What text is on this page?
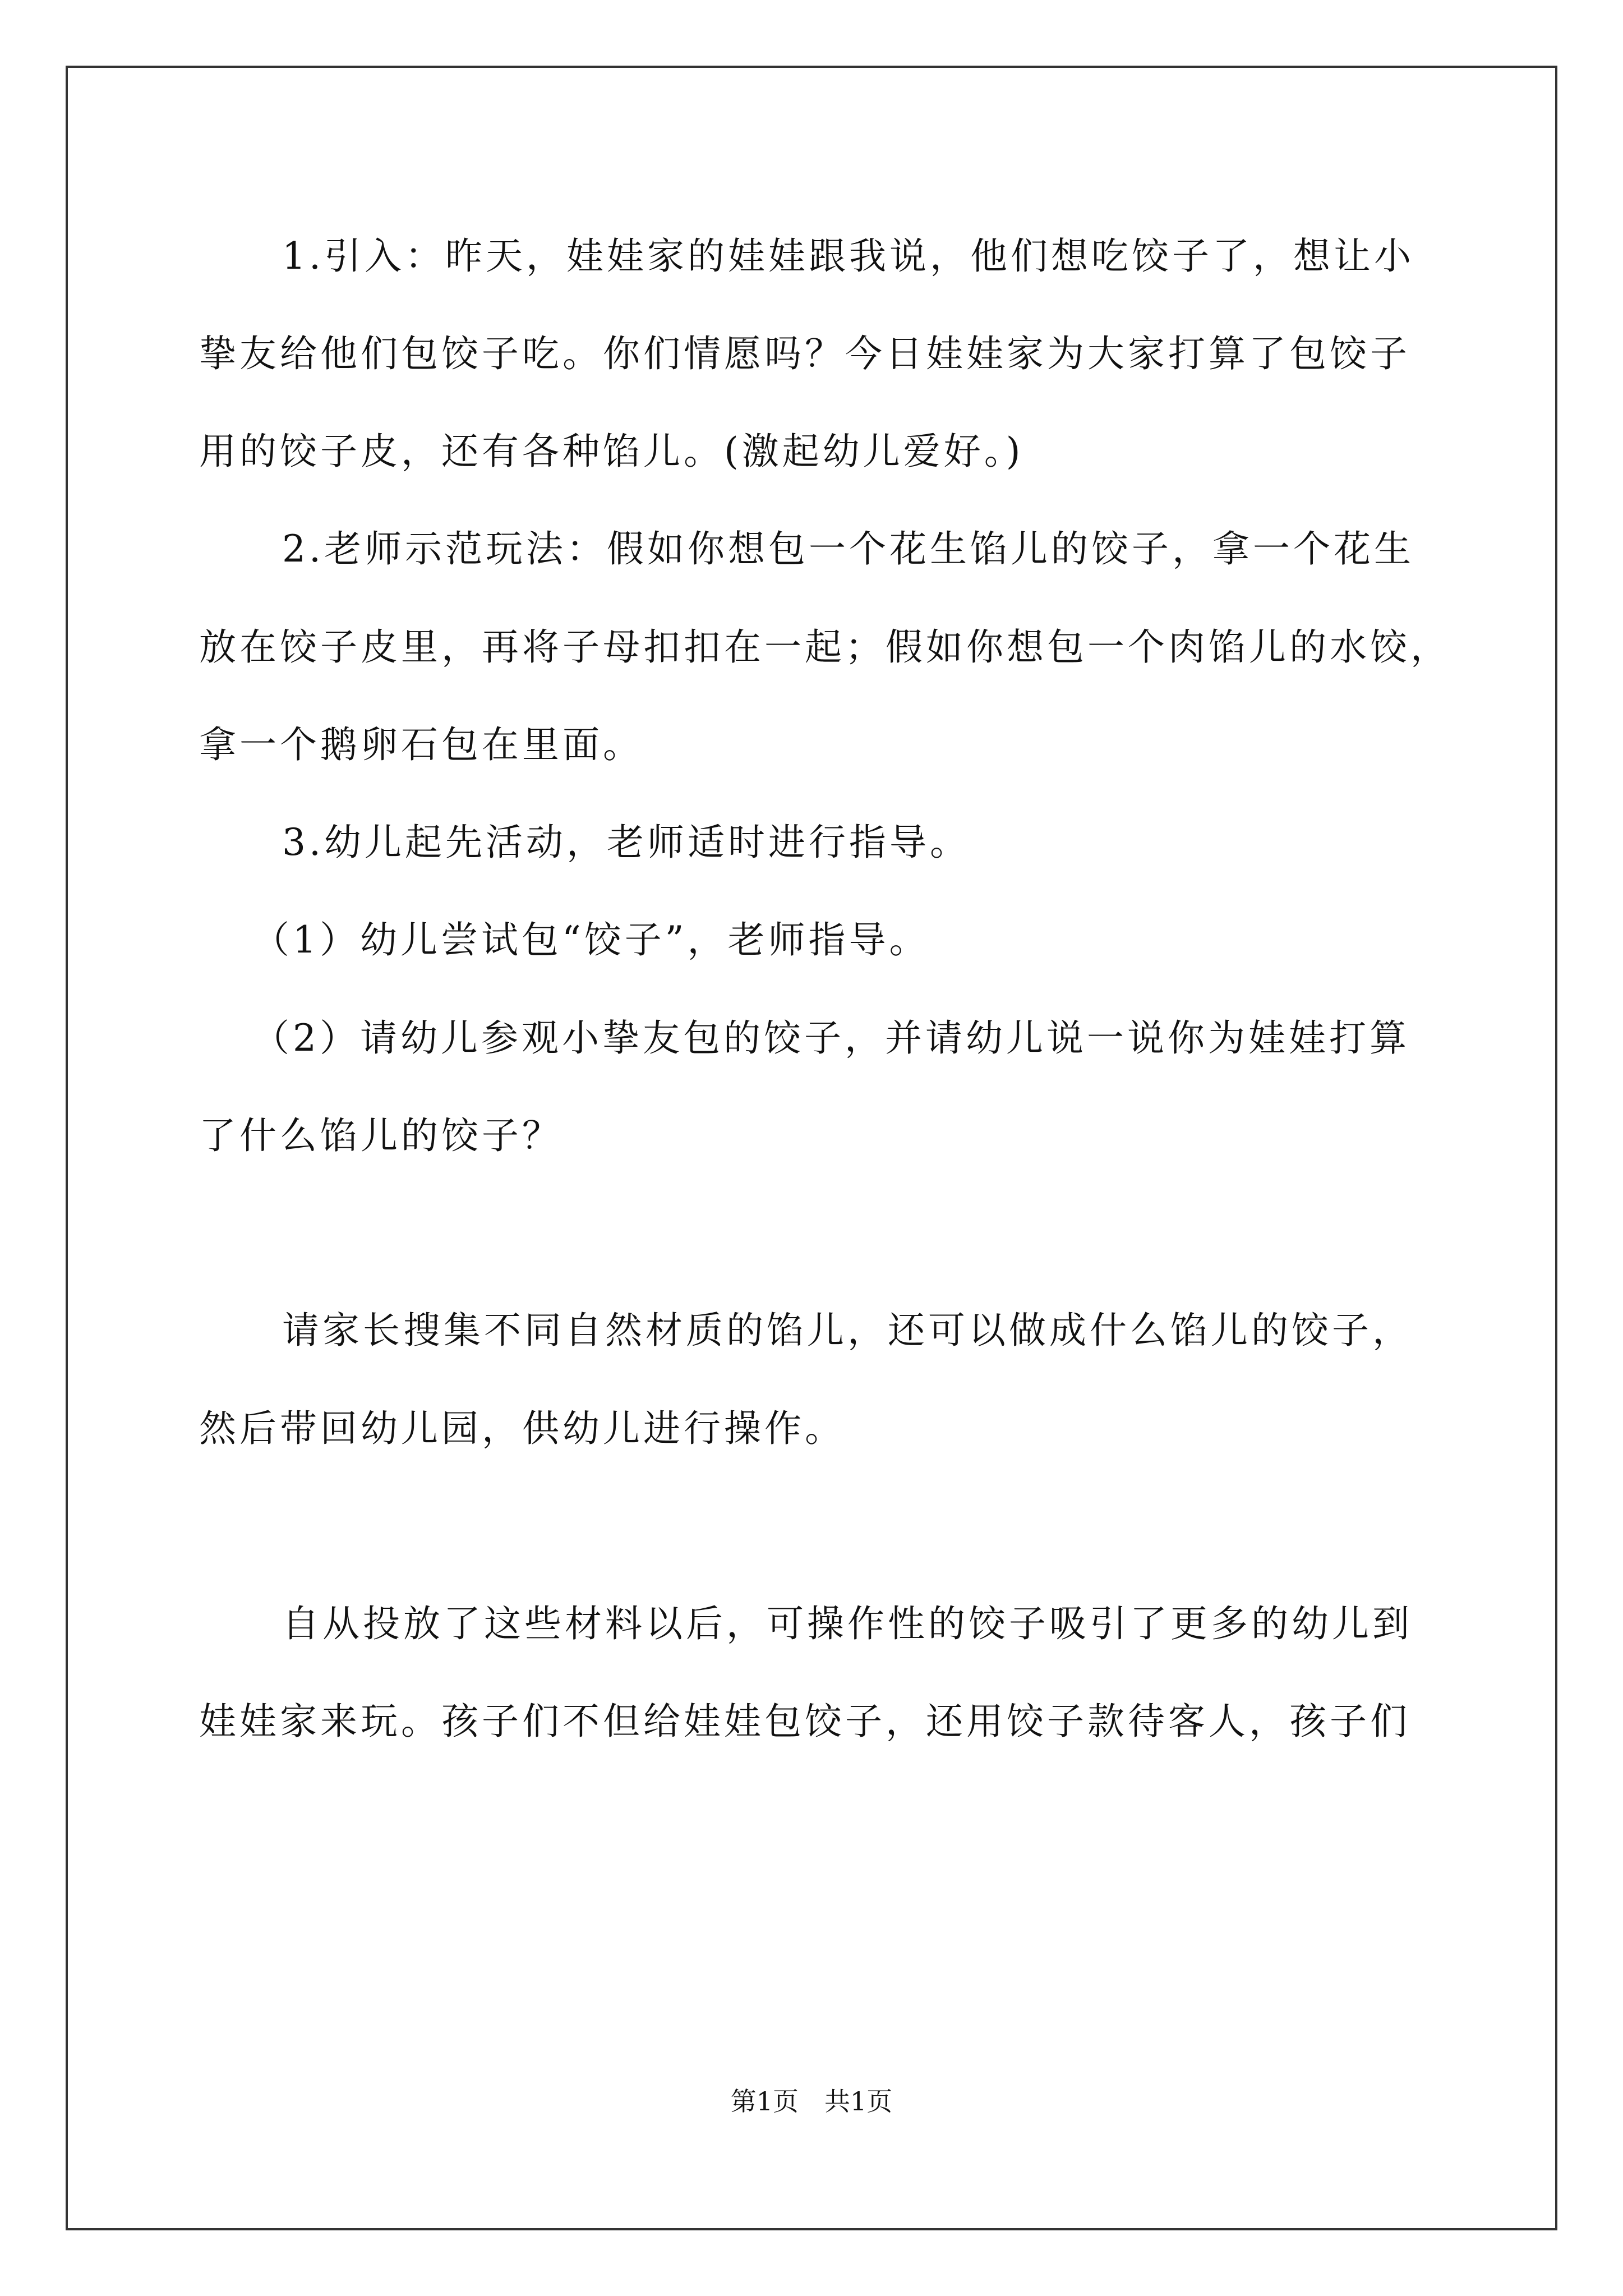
1.引入：昨天，娃娃家的娃娃跟我说，他们想吃饺子了，想让小
挚友给他们包饺子吃。你们情愿吗？今日娃娃家为大家打算了包饺子
用的饺子皮，还有各种馅儿。(激起幼儿爱好。)
2.老师示范玩法：假如你想包一个花生馅儿的饺子，拿一个花生
放在饺子皮里，再将子母扣扣在一起；假如你想包一个肉馅儿的水饺，
拿一个鹅卵石包在里面。
3.幼儿起先活动，老师适时进行指导。
（1）幼儿尝试包“饺子”，老师指导。
（2）请幼儿参观小挚友包的饺子，并请幼儿说一说你为娃娃打算
了什么馅儿的饺子？
请家长搜集不同自然材质的馅儿，还可以做成什么馅儿的饺子，
然后带回幼儿园，供幼儿进行操作。
自从投放了这些材料以后，可操作性的饺子吸引了更多的幼儿到
娃娃家来玩。孩子们不但给娃娃包饺子，还用饺子款待客人，孩子们
第1页　共1页
